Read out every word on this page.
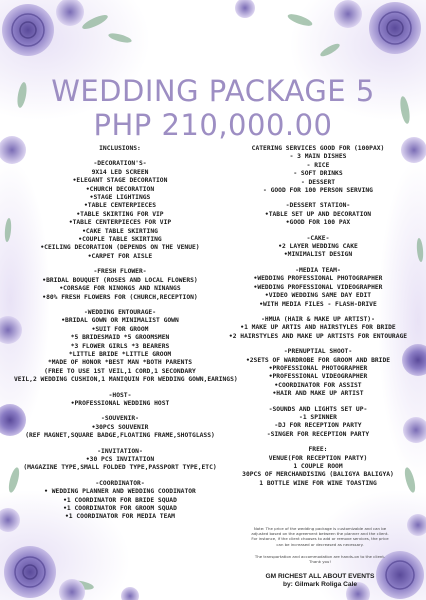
WEDDING PACKAGE 5
PHP 210,000.00
INCLUSIONS:
-DECORATION'S-
9X14 LED SCREEN
•ELEGANT STAGE DECORATION
•CHURCH DECORATION
•STAGE LIGHTINGS
•TABLE CENTERPIECES
•TABLE SKIRTING FOR VIP
•TABLE CENTERPIECES FOR VIP
•CAKE TABLE SKIRTING
•COUPLE TABLE SKIRTING
•CEILING DECORATION (DEPENDS ON THE VENUE)
•CARPET FOR AISLE
-FRESH FLOWER-
•BRIDAL BOUQUET (ROSES AND LOCAL FLOWERS)
•CORSAGE FOR NINONGS AND NINANGS
•80% FRESH FLOWERS FOR (CHURCH,RECEPTION)
-WEDDING ENTOURAGE-
•BRIDAL GOWN OR MINIMALIST GOWN
•SUIT FOR GROOM
*5 BRIDESMAID *5 GROOMSMEN
*3 FLOWER GIRLS *3 BEARERS
*LITTLE BRIDE *LITTLE GROOM
*MADE OF HONOR *BEST MAN *BOTH PARENTS
(FREE TO USE 1ST VEIL,1 CORD,1 SECONDARY
VEIL,2 WEDDING CUSHION,1 MANIQUIN FOR WEDDING GOWN,EARINGS)
-HOST-
•PROFESSIONAL WEDDING HOST
-SOUVENIR-
•30PCS SOUVENIR
(REF MAGNET,SQUARE BADGE,FLOATING FRAME,SHOTGLASS)
-INVITATION-
•30 PCS INVITATION
(MAGAZINE TYPE,SMALL FOLDED TYPE,PASSPORT TYPE,ETC)
-COORDINATOR-
• WEDDING PLANNER AND WEDDING COODINATOR
•1 COORDINATOR FOR BRIDE SQUAD
•1 COORDINATOR FOR GROOM SQUAD
•1 COORDINATOR FOR MEDIA TEAM
CATERING SERVICES GOOD FOR (100PAX)
- 3 MAIN DISHES
- RICE
- SOFT DRINKS
- DESSERT
- GOOD FOR 100 PERSON SERVING
-DESSERT STATION-
•TABLE SET UP AND DECORATION
•GOOD FOR 100 PAX
-CAKE-
•2 LAYER WEDDING CAKE
•MINIMALIST DESIGN
-MEDIA TEAM-
•WEDDING PROFESSIONAL PHOTOGRAPHER
•WEDDING PROFESSIONAL VIDEOGRAPHER
•VIDEO WEDDING SAME DAY EDIT
•WITH MEDIA FILES - FLASH-DRIVE
-HMUA (HAIR & MAKE UP ARTIST)-
•1 MAKE UP ARTIS AND HAIRSTYLES FOR BRIDE
•2 HAIRSTYLES AND MAKE UP ARTISTS FOR ENTOURAGE
-PRENUPTIAL SHOOT-
•2SETS OF WARDROBE FOR GROOM AND BRIDE
•PROFESSIONAL PHOTOGRAPHER
•PROFESSIONAL VIDEOGRAPHER
•COORDINATOR FOR ASSIST
•HAIR AND MAKE UP ARTIST
-SOUNDS AND LIGHTS SET UP-
-1 SPINNER
-DJ FOR RECEPTION PARTY
-SINGER FOR RECEPTION PARTY
FREE:
VENUE(FOR RECEPTION PARTY)
1 COUPLE ROOM
30PCS OF MERCHANDISING (BALIGYA BALIGYA)
1 BOTTLE WINE FOR WINE TOASTING
Note: The price of the wedding package is customizable and can be
adjusted based on the agreement between the planner and the client.
For instance, if the client chooses to add or remove services, the price
can be increased or decreased as necessary.
The transportation and accommodation are hands-on to the client.
Thank you!
GM RICHEST ALL ABOUT EVENTS
by: Gilmark Roliga Cale
